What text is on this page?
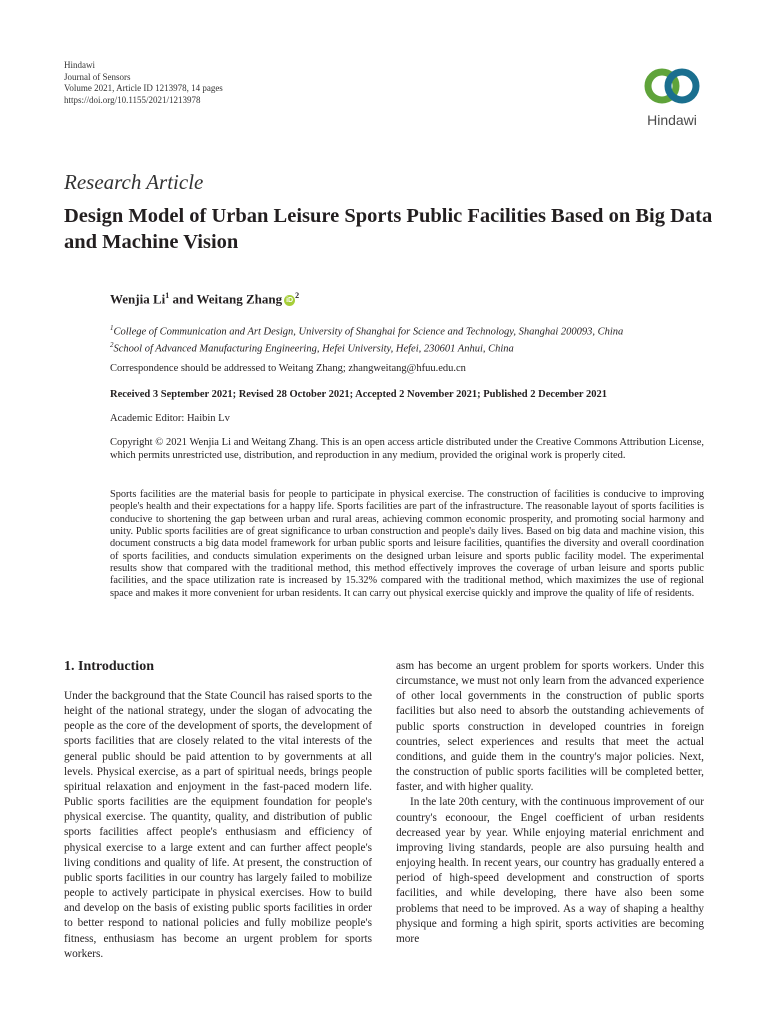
Hindawi
Journal of Sensors
Volume 2021, Article ID 1213978, 14 pages
https://doi.org/10.1155/2021/1213978
Hindawi
Research Article
Design Model of Urban Leisure Sports Public Facilities Based on Big Data and Machine Vision
Wenjia Li$^1$ and Weitang Zhang $iD^2$
$^1$College of Communication and Art Design, University of Shanghai for Science and Technology, Shanghai 200093, China
$^2$School of Advanced Manufacturing Engineering, Hefei University, Hefei, 230601 Anhui, China
Correspondence should be addressed to Weitang Zhang; zhangweitang@hfuu.edu.cn
Received 3 September 2021; Revised 28 October 2021; Accepted 2 November 2021; Published 2 December 2021
Academic Editor: Haibin Lv
Copyright © 2021 Wenjia Li and Weitang Zhang. This is an open access article distributed under the Creative Commons Attribution License, which permits unrestricted use, distribution, and reproduction in any medium, provided the original work is properly cited.
Sports facilities are the material basis for people to participate in physical exercise. The construction of facilities is conducive to improving people's health and their expectations for a happy life. Sports facilities are part of the infrastructure. The reasonable layout of sports facilities is conducive to shortening the gap between urban and rural areas, achieving common economic prosperity, and promoting social harmony and unity. Public sports facilities are of great significance to urban construction and people's daily lives. Based on big data and machine vision, this document constructs a big data model framework for urban public sports and leisure facilities, quantifies the diversity and overall coordination of sports facilities, and conducts simulation experiments on the designed urban leisure and sports public facility model. The experimental results show that compared with the traditional method, this method effectively improves the coverage of urban leisure and sports public facilities, and the space utilization rate is increased by 15.32% compared with the traditional method, which maximizes the use of regional space and makes it more convenient for urban residents. It can carry out physical exercise quickly and improve the quality of life of residents.
1. Introduction

Under the background that the State Council has raised sports to the height of the national strategy, under the slogan of advocating the people as the core of the development of sports, the development of sports facilities that are closely related to the vital interests of the general public should be paid attention to by governments at all levels. Physical exercise, as a part of spiritual needs, brings people spiritual relaxation and enjoyment in the fast-paced modern life. Public sports facilities are the equipment foundation for people's physical exercise. The quantity, quality, and distribution of public sports facilities affect people's enthusiasm and efficiency of physical exercise to a large extent and can further affect people's living conditions and quality of life. At present, the construction of public sports facilities in our country has largely failed to mobilize people to actively participate in physical exercises. How to build and develop on the basis of existing public sports facilities in order to better respond to national policies and fully mobilize people's fitness, enthusiasm has become an urgent problem for sports workers.

asm has become an urgent problem for sports workers. Under this circumstance, we must not only learn from the advanced experience of other local governments in the construction of public sports facilities but also need to absorb the outstanding achievements of public sports construction in developed countries in foreign countries, select experiences and results that meet the actual conditions, and guide them in the country's major policies. Next, the construction of public sports facilities will be completed better, faster, and with higher quality.

In the late 20th century, with the continuous improvement of our country's econoour, the Engel coefficient of urban residents decreased year by year. While enjoying material enrichment and improving living standards, people are also pursuing health and enjoying health. In recent years, our country has gradually entered a period of high-speed development and construction of sports facilities, and while developing, there have also been some problems that need to be improved. As a way of shaping a healthy physique and forming a high spirit, sports activities are becoming more
